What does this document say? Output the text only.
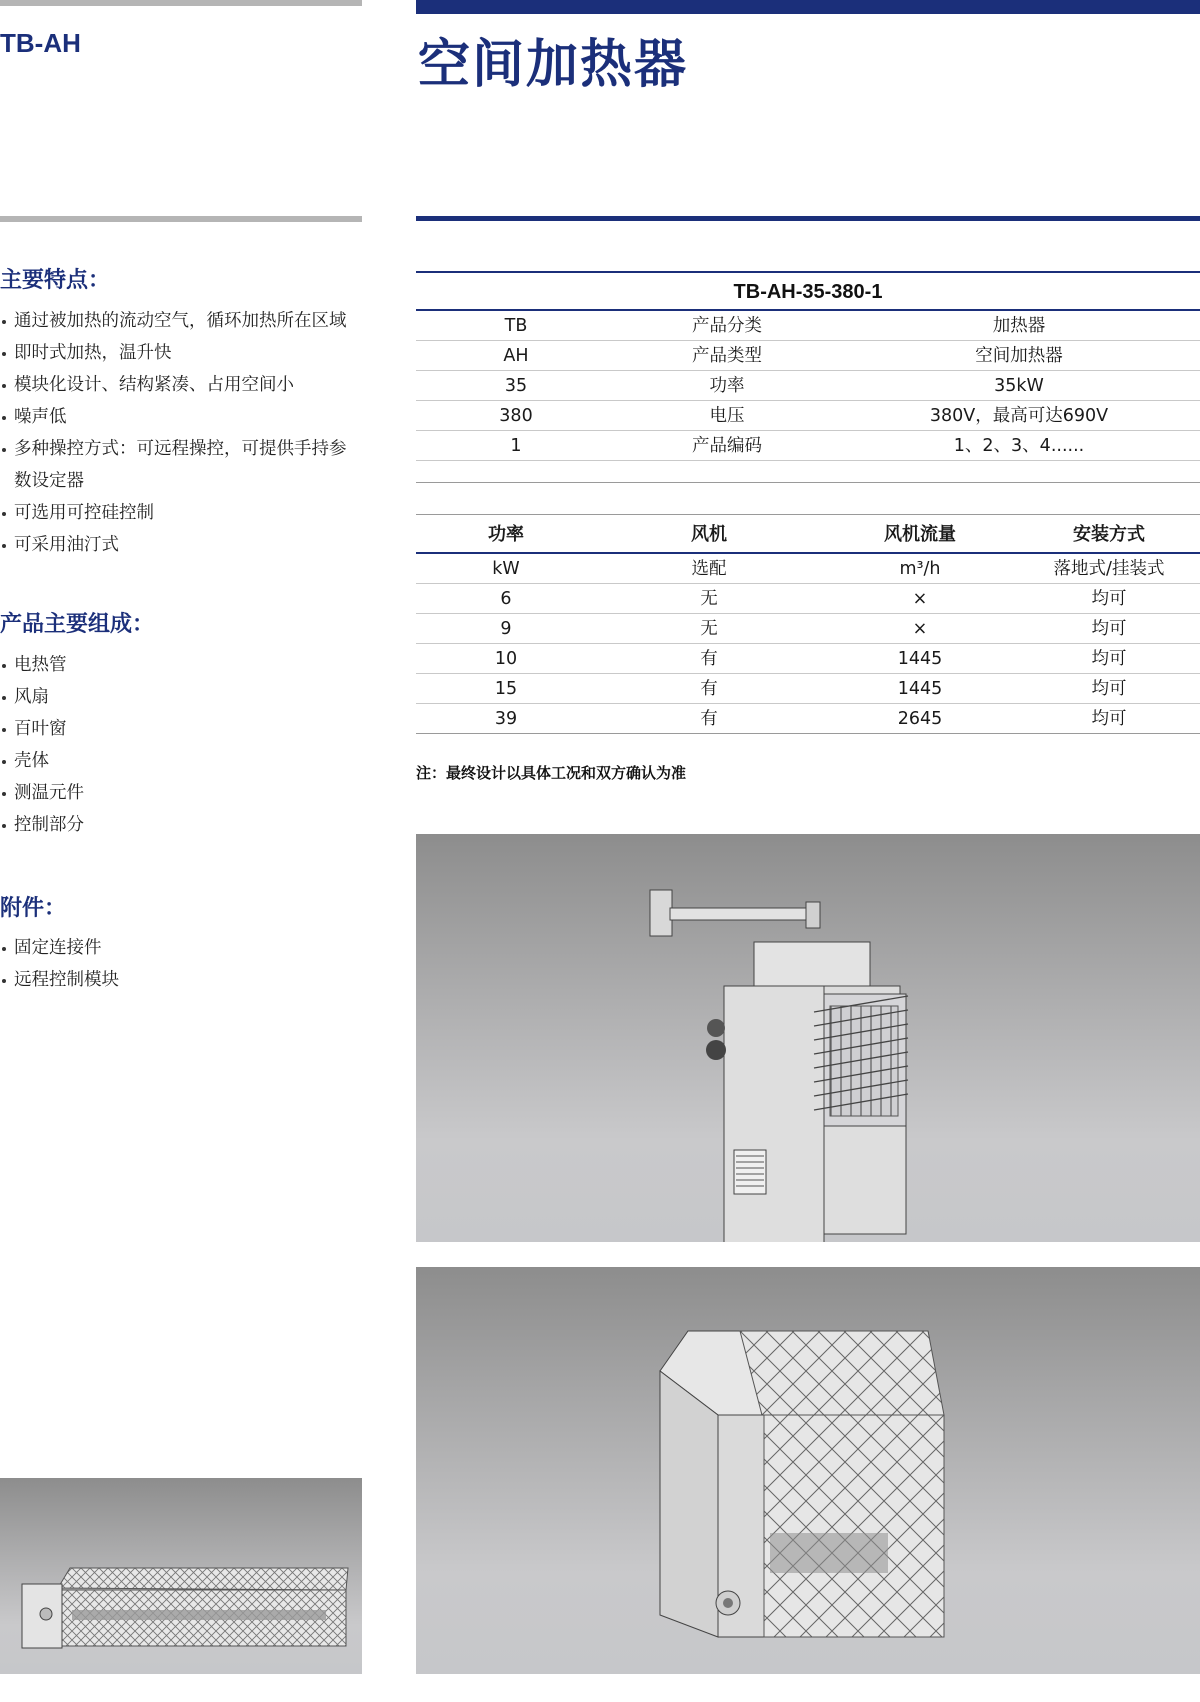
TB-AH	空间加热器
主要特点：
通过被加热的流动空气，循环加热所在区域
即时式加热，温升快
模块化设计、结构紧凑、占用空间小
噪声低
多种操控方式：可远程操控，可提供手持参数设定器
可选用可控硅控制
可采用油汀式
产品主要组成：
电热管
风扇
百叶窗
壳体
测温元件
控制部分
附件：
固定连接件
远程控制模块
TB-AH-35-380-1
TB	产品分类	加热器
AH	产品类型	空间加热器
35	功率	35kW
380	电压	380V，最高可达690V
1	产品编码	1、2、3、4......
功率	风机	风机流量	安装方式
kW	选配	m³/h	落地式/挂装式
6	无	×	均可
9	无	×	均可
10	有	1445	均可
15	有	1445	均可
39	有	2645	均可
注：最终设计以具体工况和双方确认为准
